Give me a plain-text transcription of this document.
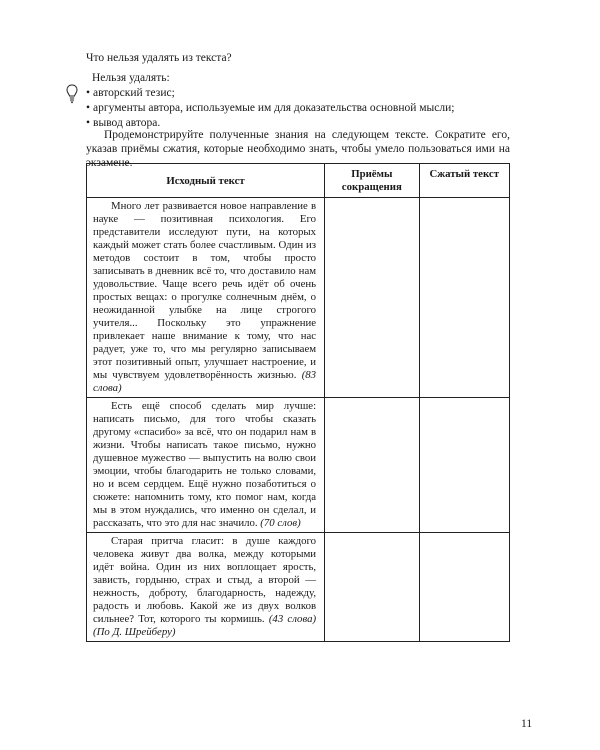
Что нельзя удалять из текста?
Нельзя удалять:
• авторский тезис;
• аргументы автора, используемые им для доказательства основной мысли;
• вывод автора.

Продемонстрируйте полученные знания на следующем тексте. Сократите его, указав приёмы сжатия, которые необходимо знать, чтобы умело пользоваться ими на экзамене.

Исходный текст	Приёмы сокращения	Сжатый текст

Много лет развивается новое направление в науке — позитивная психология. Его представители исследуют пути, на которых каждый может стать более счастливым. Один из методов состоит в том, чтобы просто записывать в дневник всё то, что доставило нам удовольствие. Чаще всего речь идёт об очень простых вещах: о прогулке солнечным днём, о неожиданной улыбке на лице строгого учителя... Поскольку это упражнение привлекает наше внимание к тому, что нас радует, уже то, что мы регулярно записываем этот позитивный опыт, улучшает настроение, и мы чувствуем удовлетворённость жизнью. (83 слова)		

Есть ещё способ сделать мир лучше: написать письмо, для того чтобы сказать другому «спасибо» за всё, что он подарил нам в жизни. Чтобы написать такое письмо, нужно душевное мужество — выпустить на волю свои эмоции, чтобы благодарить не только словами, но и всем сердцем. Ещё нужно позаботиться о сюжете: напомнить тому, кто помог нам, когда мы в этом нуждались, что именно он сделал, и рассказать, что это для нас значило. (70 слов)		

Старая притча гласит: в душе каждого человека живут два волка, между которыми идёт война. Один из них воплощает ярость, зависть, гордыню, страх и стыд, а второй — нежность, доброту, благодарность, надежду, радость и любовь. Какой же из двух волков сильнее? Тот, которого ты кормишь. (43 слова) (По Д. Шрейберу)		

11
